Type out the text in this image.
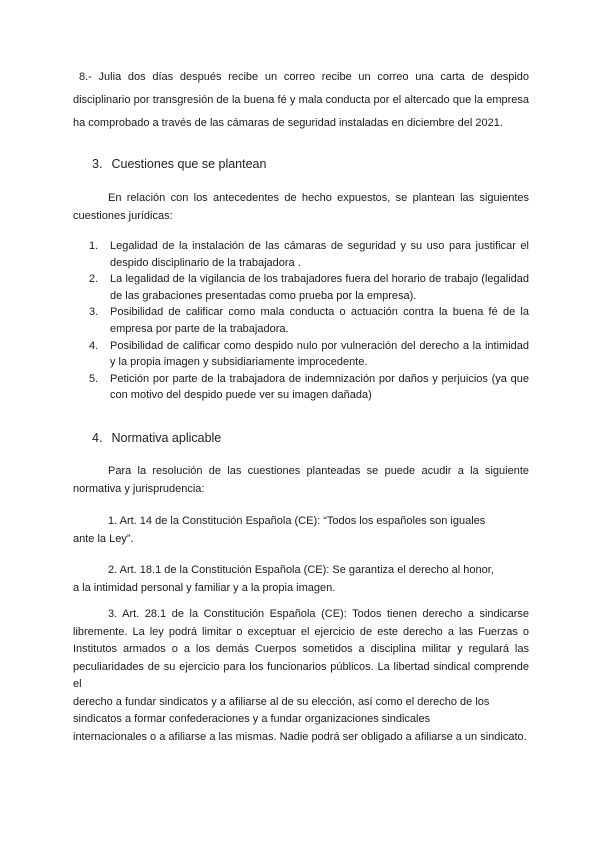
8.- Julia dos días después recibe un correo recibe un correo una carta de despido disciplinario por transgresión de la buena fé y mala conducta por el altercado que la empresa ha comprobado a través de las cámaras de seguridad instaladas en diciembre del 2021.

3. Cuestiones que se plantean

En relación con los antecedentes de hecho expuestos, se plantean las siguientes cuestiones jurídicas:

1. Legalidad de la instalación de las cámaras de seguridad y su uso para justificar el despido disciplinario de la trabajadora .
2. La legalidad de la vigilancia de los trabajadores fuera del horario de trabajo (legalidad de las grabaciones presentadas como prueba por la empresa).
3. Posibilidad de calificar como mala conducta o actuación contra la buena fé de la empresa por parte de la trabajadora.
4. Posibilidad de calificar como despido nulo por vulneración del derecho a la intimidad y la propia imagen y subsidiariamente improcedente.
5. Petición por parte de la trabajadora de indemnización por daños y perjuicios (ya que con motivo del despido puede ver su imagen dañada)
4. Normativa aplicable

Para la resolución de las cuestiones planteadas se puede acudir a la siguiente normativa y jurisprudencia:

1. Art. 14 de la Constitución Española (CE): “Todos los españoles son iguales
ante la Ley”.
2. Art. 18.1 de la Constitución Española (CE): Se garantiza el derecho al honor,
a la intimidad personal y familiar y a la propia imagen.
3. Art. 28.1 de la Constitución Española (CE): Todos tienen derecho a sindicarse libremente. La ley podrá limitar o exceptuar el ejercicio de este derecho a las Fuerzas o Institutos armados o a los demás Cuerpos sometidos a disciplina militar y regulará las peculiaridades de su ejercicio para los funcionarios públicos. La libertad sindical comprende el
derecho a fundar sindicatos y a afiliarse al de su elección, así como el derecho de los
sindicatos a formar confederaciones y a fundar organizaciones sindicales
internacionales o a afiliarse a las mismas. Nadie podrá ser obligado a afiliarse a un sindicato.
